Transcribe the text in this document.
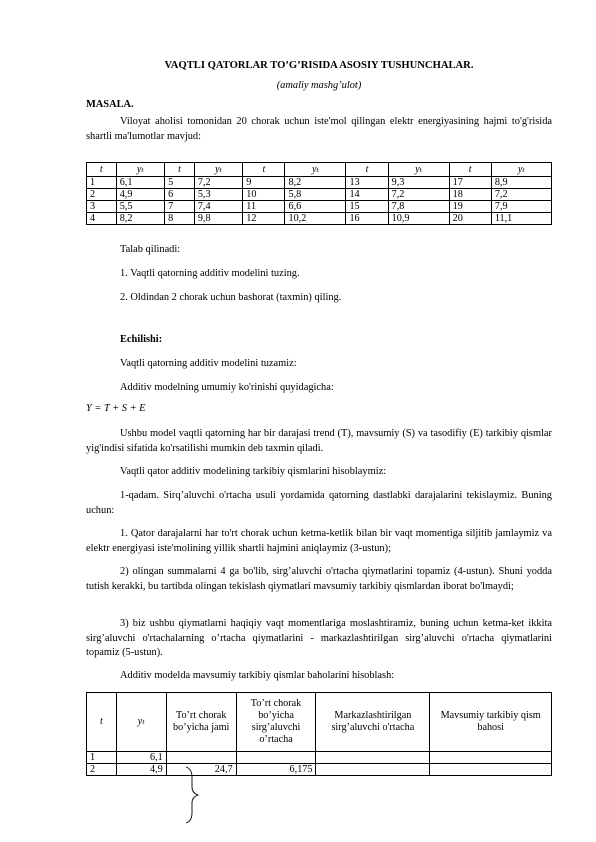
VAQTLI QATORLAR TO’G’RISIDA ASOSIY TUSHUNCHALAR.
(amaliy mashg’ulot)
MASALA.
Viloyat aholisi tomonidan 20 chorak uchun iste'mol qilingan elektr energiyasining hajmi to'g'risida shartli ma'lumotlar mavjud:
t	yₜ	t	yₜ	t	yₜ	t	yₜ	t	yₜ
1	6,1	5	7,2	9	8,2	13	9,3	17	8,9
2	4,9	6	5,3	10	5,8	14	7,2	18	7,2
3	5,5	7	7,4	11	6,6	15	7,8	19	7,9
4	8,2	8	9,8	12	10,2	16	10,9	20	11,1
Talab qilinadi:
1. Vaqtli qatorning additiv modelini tuzing.
2. Oldindan 2 chorak uchun bashorat (taxmin) qiling.
Echilishi:
Vaqtli qatorning additiv modelini tuzamiz:
Additiv modelning umumiy ko'rinishi quyidagicha:
Y = T + S + E
Ushbu model vaqtli qatorning har bir darajasi trend (T), mavsumiy (S) va tasodifiy (E) tarkibiy qismlar yig'indisi sifatida ko'rsatilishi mumkin deb taxmin qiladi.
Vaqtli qator additiv modelining tarkibiy qismlarini hisoblaymiz:
1-qadam. Sirq’aluvchi o'rtacha usuli yordamida qatorning dastlabki darajalarini tekislaymiz. Buning uchun:
1. Qator darajalarni har to'rt chorak uchun ketma-ketlik bilan bir vaqt momentiga siljitib jamlaymiz va elektr energiyasi iste'molining yillik shartli hajmini aniqlaymiz (3-ustun);
2) olingan summalarni 4 ga bo'lib, sirg’aluvchi o'rtacha qiymatlarini topamiz (4-ustun). Shuni yodda tutish kerakki, bu tartibda olingan tekislash qiymatlari mavsumiy tarkibiy qismlardan iborat bo'lmaydi;
3) biz ushbu qiymatlarni haqiqiy vaqt momentlariga moslashtiramiz, buning uchun ketma-ket ikkita sirg’aluvchi o'rtachalarning o’rtacha qiymatlarini - markazlashtirilgan sirg’aluvchi o'rtacha qiymatlarini topamiz (5-ustun).
Additiv modelda mavsumiy tarkibiy qismlar baholarini hisoblash:
t	yₜ	To’rt chorak bo’yicha jami	To’rt chorak bo’yicha sirg’aluvchi o’rtacha	Markazlashtirilgan sirg’aluvchi o'rtacha	Mavsumiy tarkibiy qism bahosi
1	6,1				
2	4,9	24,7	6,175		
